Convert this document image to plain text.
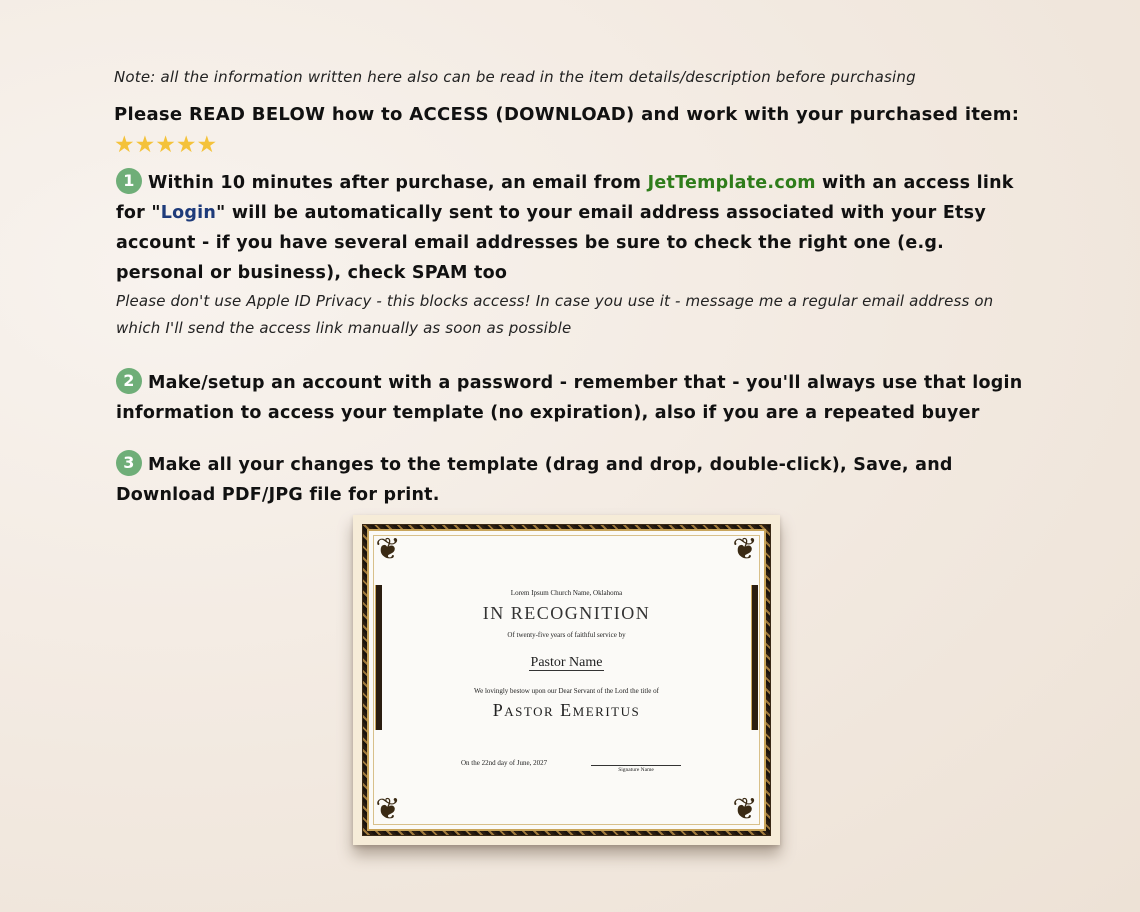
Note: all the information written here also can be read in the item details/description before purchasing
Please READ BELOW how to ACCESS (DOWNLOAD) and work with your purchased item:
★★★★★
1 Within 10 minutes after purchase, an email from JetTemplate.com with an access link for "Login" will be automatically sent to your email address associated with your Etsy account - if you have several email addresses be sure to check the right one (e.g. personal or business), check SPAM too
Please don't use Apple ID Privacy - this blocks access! In case you use it - message me a regular email address on which I'll send the access link manually as soon as possible
2 Make/setup an account with a password - remember that - you'll always use that login information to access your template (no expiration), also if you are a repeated buyer
3 Make all your changes to the template (drag and drop, double-click), Save, and Download PDF/JPG file for print.
❦	❦
❦	❦
Lorem Ipsum Church Name, Oklahoma
IN RECOGNITION
Of twenty-five years of faithful service by
Pastor Name
We lovingly bestow upon our Dear Servant of the Lord the title of
Pastor Emeritus
On the 22nd day of June, 2027
Signature Name
